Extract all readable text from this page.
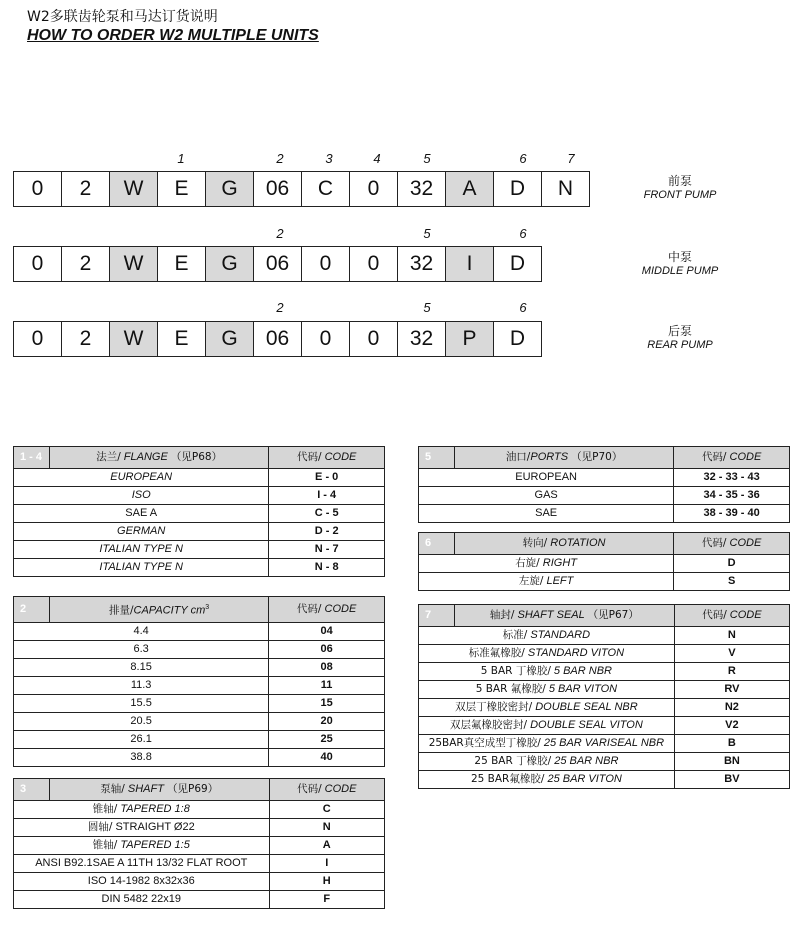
W2多联齿轮泵和马达订货说明
HOW TO ORDER W2 MULTIPLE UNITS
1	2	3	4	5	6	7
0	2	W	E	G	06	C	0	32	A	D	N	前泵
FRONT PUMP
2	5	6
0	2	W	E	G	06	0	0	32	I	D	中泵
MIDDLE PUMP
2	5	6
0	2	W	E	G	06	0	0	32	P	D	后泵
REAR PUMP
1 - 4	法兰/ FLANGE （见P68）	代码/ CODE
EUROPEAN		E - 0
ISO		I - 4
SAE A		C - 5
GERMAN		D - 2
ITALIAN TYPE N		N - 7
ITALIAN TYPE N		N - 8
2	排量/CAPACITY $cm^3$	代码/ CODE
4.4		04
6.3		06
8.15		08
11.3		11
15.5		15
20.5		20
26.1		25
38.8		40
3	泵轴/ SHAFT （见P69）	代码/ CODE
锥轴/ TAPERED 1:8		C
圆轴/ STRAIGHT Ø22		N
锥轴/ TAPERED 1:5		A
ANSI B92.1SAE A 11TH 13/32 FLAT ROOT		I
ISO 14-1982 8x32x36		H
DIN 5482 22x19		F
5	油口/PORTS （见P70）	代码/ CODE
EUROPEAN		32 - 33 - 43
GAS		34 - 35 - 36
SAE		38 - 39 - 40
6	转向/ ROTATION	代码/ CODE
右旋/ RIGHT		D
左旋/ LEFT		S
7	轴封/ SHAFT SEAL （见P67）	代码/ CODE
标准/ STANDARD		N
标准氟橡胶/ STANDARD VITON		V
5 BAR 丁橡胶/ 5 BAR NBR		R
5 BAR 氟橡胶/ 5 BAR VITON		RV
双层丁橡胶密封/ DOUBLE SEAL NBR		N2
双层氟橡胶密封/ DOUBLE SEAL VITON		V2
25BAR真空成型丁橡胶/ 25 BAR VARISEAL NBR		B
25 BAR 丁橡胶/ 25 BAR NBR		BN
25 BAR氟橡胶/ 25 BAR VITON		BV
